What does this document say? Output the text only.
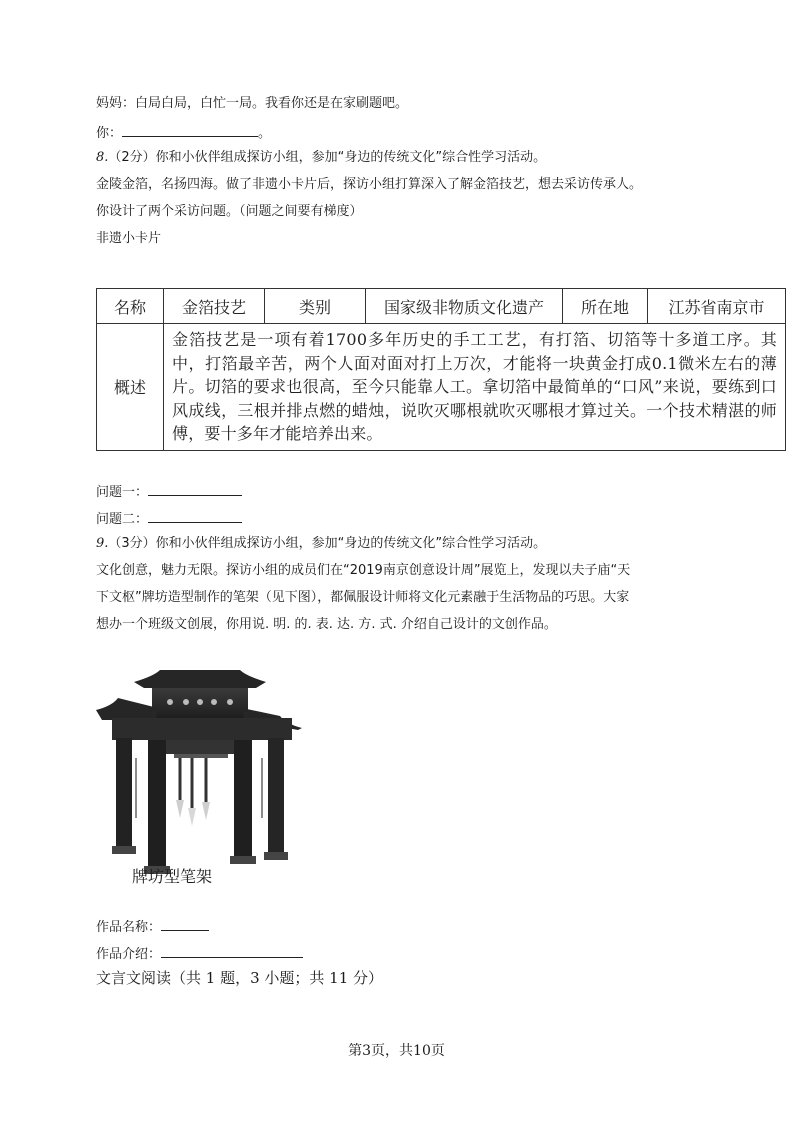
妈妈：白局白局，白忙一局。我看你还是在家刷题吧。
你：	。
8.（2分）你和小伙伴组成探访小组，参加“身边的传统文化”综合性学习活动。
金陵金箔，名扬四海。做了非遗小卡片后，探访小组打算深入了解金箔技艺，想去采访传承人。
你设计了两个采访问题。（问题之间要有梯度）
非遗小卡片
名称	金箔技艺	类别	国家级非物质文化遗产	所在地	江苏省南京市
概述	金箔技艺是一项有着1700多年历史的手工工艺，有打箔、切箔等十多道工序。其中，打箔最辛苦，两个人面对面对打上万次，才能将一块黄金打成0.1微米左右的薄片。切箔的要求也很高，至今只能靠人工。拿切箔中最简单的“口风”来说，要练到口风成线，三根并排点燃的蜡烛，说吹灭哪根就吹灭哪根才算过关。一个技术精湛的师傅，要十多年才能培养出来。				
问题一：
问题二：
9.（3分）你和小伙伴组成探访小组，参加“身边的传统文化”综合性学习活动。
文化创意，魅力无限。探访小组的成员们在“2019南京创意设计周”展览上，发现以夫子庙“天
下文枢”牌坊造型制作的笔架（见下图），都佩服设计师将文化元素融于生活物品的巧思。大家
想办一个班级文创展，你用说. 明. 的. 表. 达. 方. 式. 介绍自己设计的文创作品。
牌坊型笔架
作品名称：
作品介绍：
文言文阅读（共 1 题，3 小题；共 11 分）
第3页，共10页
